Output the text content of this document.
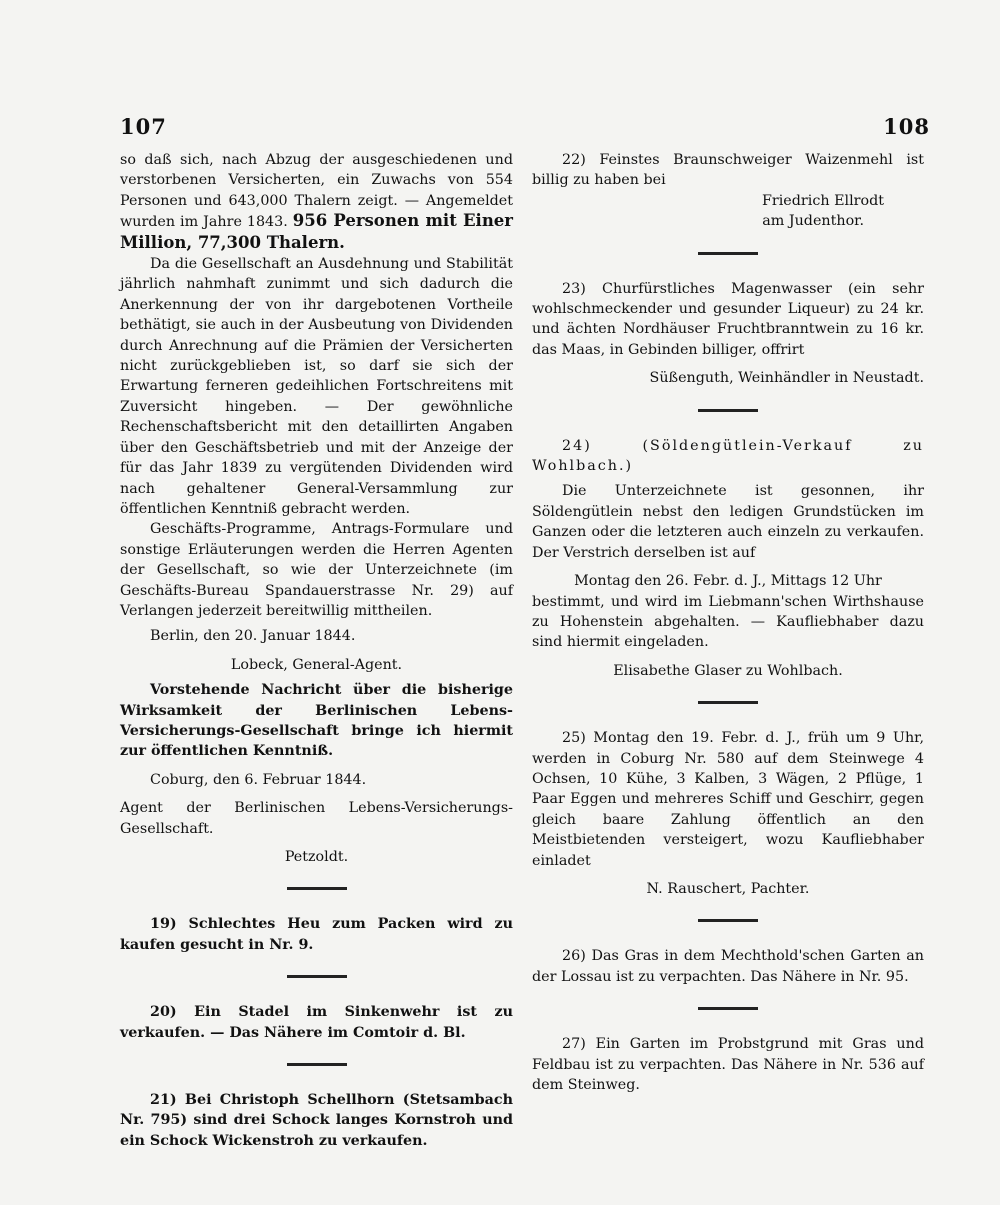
107	108

so daß sich, nach Abzug der ausgeschiedenen und verstorbenen Versicherten, ein Zuwachs von 554 Personen und 643,000 Thalern zeigt. — Angemeldet wurden im Jahre 1843. 956 Personen mit Einer Million, 77,300 Thalern.

Da die Gesellschaft an Ausdehnung und Stabilität jährlich nahmhaft zunimmt und sich dadurch die Anerkennung der von ihr dargebotenen Vortheile bethätigt, sie auch in der Ausbeutung von Dividenden durch Anrechnung auf die Prämien der Versicherten nicht zurückgeblieben ist, so darf sie sich der Erwartung ferneren gedeihlichen Fortschreitens mit Zuversicht hingeben. — Der gewöhnliche Rechenschaftsbericht mit den detaillirten Angaben über den Geschäftsbetrieb und mit der Anzeige der für das Jahr 1839 zu vergütenden Dividenden wird nach gehaltener General-Versammlung zur öffentlichen Kenntniß gebracht werden.

Geschäfts-Programme, Antrags-Formulare und sonstige Erläuterungen werden die Herren Agenten der Gesellschaft, so wie der Unterzeichnete (im Geschäfts-Bureau Spandauerstrasse Nr. 29) auf Verlangen jederzeit bereitwillig mittheilen.

Berlin, den 20. Januar 1844.

Lobeck, General-Agent.

Vorstehende Nachricht über die bisherige Wirksamkeit der Berlinischen Lebens-Versicherungs-Gesellschaft bringe ich hiermit zur öffentlichen Kenntniß.

Coburg, den 6. Februar 1844.

Agent der Berlinischen Lebens-Versicherungs-Gesellschaft.

Petzoldt.

19) Schlechtes Heu zum Packen wird zu kaufen gesucht in Nr. 9.

20) Ein Stadel im Sinkenwehr ist zu verkaufen. — Das Nähere im Comtoir d. Bl.

21) Bei Christoph Schellhorn (Stetsambach Nr. 795) sind drei Schock langes Kornstroh und ein Schock Wickenstroh zu verkaufen.

22) Feinstes Braunschweiger Waizenmehl ist billig zu haben bei

Friedrich Ellrodt

am Judenthor.

23) Churfürstliches Magenwasser (ein sehr wohlschmeckender und gesunder Liqueur) zu 24 kr. und ächten Nordhäuser Fruchtbranntwein zu 16 kr. das Maas, in Gebinden billiger, offrirt

Süßenguth, Weinhändler in Neustadt.

24) (Söldengütlein-Verkauf zu Wohlbach.)

Die Unterzeichnete ist gesonnen, ihr Söldengütlein nebst den ledigen Grundstücken im Ganzen oder die letzteren auch einzeln zu verkaufen. Der Verstrich derselben ist auf

Montag den 26. Febr. d. J., Mittags 12 Uhr

bestimmt, und wird im Liebmann'schen Wirthshause zu Hohenstein abgehalten. — Kaufliebhaber dazu sind hiermit eingeladen.

Elisabethe Glaser zu Wohlbach.

25) Montag den 19. Febr. d. J., früh um 9 Uhr, werden in Coburg Nr. 580 auf dem Steinwege 4 Ochsen, 10 Kühe, 3 Kalben, 3 Wägen, 2 Pflüge, 1 Paar Eggen und mehreres Schiff und Geschirr, gegen gleich baare Zahlung öffentlich an den Meistbietenden versteigert, wozu Kaufliebhaber einladet

N. Rauschert, Pachter.

26) Das Gras in dem Mechthold'schen Garten an der Lossau ist zu verpachten. Das Nähere in Nr. 95.

27) Ein Garten im Probstgrund mit Gras und Feldbau ist zu verpachten. Das Nähere in Nr. 536 auf dem Steinweg.
